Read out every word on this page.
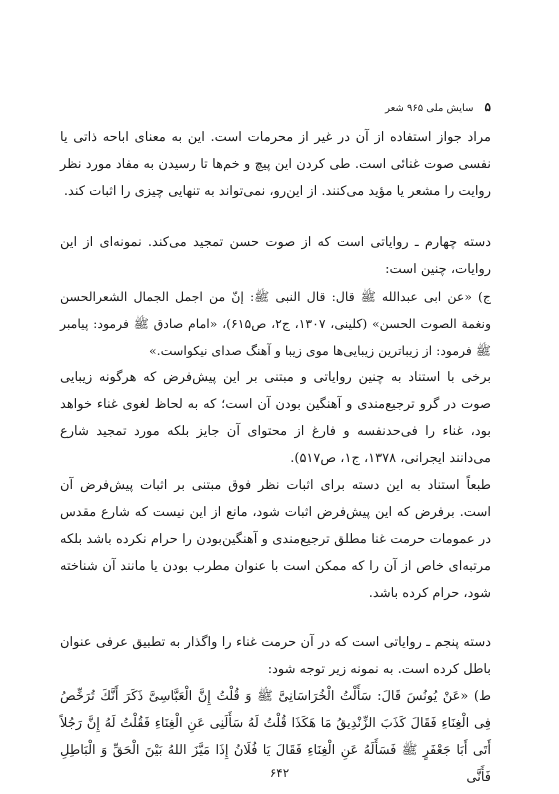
۵ سایش ملی ۹۶۵ شعر

مراد جواز استفاده از آن در غیر از محرمات است. این به معنای اباحه ذاتی یا نفسی صوت غنائی است. طی کردن این پیچ و خم‌ها تا رسیدن به مفاد مورد نظر روایت را مشعر یا مؤید می‌کنند. از این‌رو، نمی‌تواند به تنهایی چیزی را اثبات کند.

دسته چهارم ـ روایاتی است که از صوت حسن تمجید می‌کند. نمونه‌ای از این روایات، چنین است:

ج) «عن ابی عبدالله ﷺ قال: قال النبی ﷺ: إنّ من اجمل الجمال الشعرالحسن ونغمة الصوت الحسن» (کلینی، ۱۳۰۷، ج۲، ص۶۱۵)، «امام صادق ﷺ فرمود: پیامبر ﷺ فرمود: از زیباترین زیبایی‌ها موی زیبا و آهنگ صدای نیکواست.»

برخی با استناد به چنین روایاتی و مبتنی بر این پیش‌فرض که هرگونه زیبایی صوت در گرو ترجیع‌مندی و آهنگین بودن آن است؛ که به لحاظ لغوی غناء خواهد بود، غناء را فی‌حدنفسه و فارغ از محتوای آن جایز بلکه مورد تمجید شارع می‌دانند ایجرانی، ۱۳۷۸، ج۱، ص۵۱۷).

طبعاً استناد به این دسته برای اثبات نظر فوق مبتنی بر اثبات پیش‌فرض آن است. برفرض که این پیش‌فرض اثبات شود، مانع از این نیست که شارع مقدس در عمومات حرمت غنا مطلق ترجیع‌مندی و آهنگین‌بودن را حرام نکرده باشد بلکه مرتبه‌ای خاص از آن را که ممکن است با عنوان مطرب بودن یا مانند آن شناخته شود، حرام کرده باشد.

دسته پنجم ـ روایاتی است که در آن حرمت غناء را واگذار به تطبیق عرفی عنوان باطل کرده است. به نمونه زیر توجه شود:

ط) «عَنْ یُونُسَ قَالَ: سَأَلْتُ الْخُرَاسَانِیَّ ﷺ وَ قُلْتُ إِنَّ الْعَبَّاسِیَّ ذَكَرَ أَنَّكَ تُرَخِّصُ فِی الْغِنَاءِ فَقَالَ كَذَبَ الزِّنْدِیقُ مَا هَكَذَا قُلْتُ لَهُ سَأَلَنِی عَنِ الْغِنَاءِ فَقُلْتُ لَهُ إِنَّ رَجُلاً أَتَی أَبَا جَعْفَرٍ ﷺ فَسَأَلَهُ عَنِ الْغِنَاءِ فَقَالَ یَا فُلَانُ إِذَا مَیَّزَ اللهُ بَیْنَ الْحَقِّ وَ الْبَاطِلِ فَأَنَّی

۶۴۲
